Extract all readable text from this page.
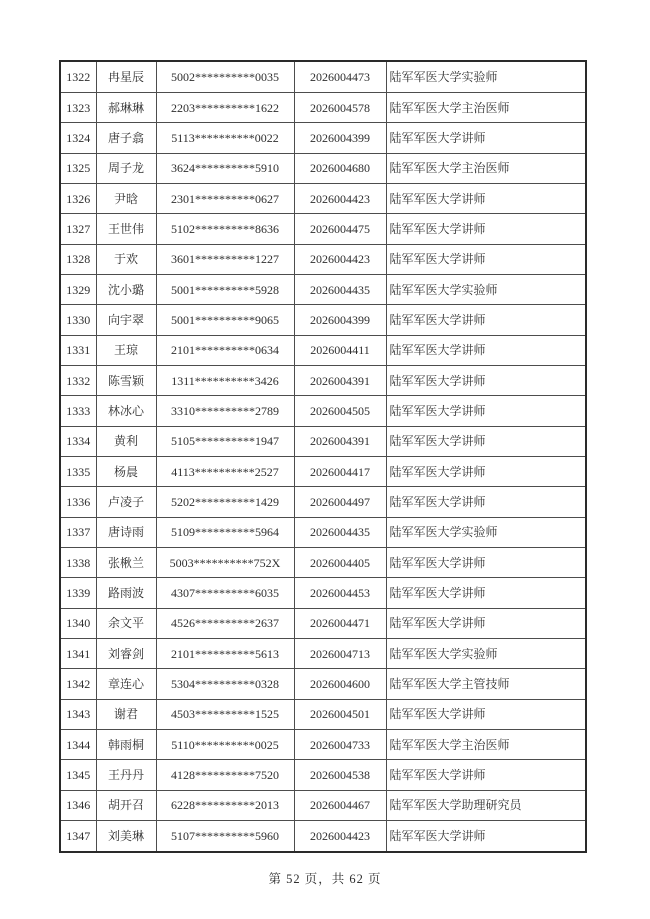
1322	冉星辰	5002**********0035	2026004473	陆军军医大学实验师
1323	郝琳琳	2203**********1622	2026004578	陆军军医大学主治医师
1324	唐子翕	5113**********0022	2026004399	陆军军医大学讲师
1325	周子龙	3624**********5910	2026004680	陆军军医大学主治医师
1326	尹晗	2301**********0627	2026004423	陆军军医大学讲师
1327	王世伟	5102**********8636	2026004475	陆军军医大学讲师
1328	于欢	3601**********1227	2026004423	陆军军医大学讲师
1329	沈小璐	5001**********5928	2026004435	陆军军医大学实验师
1330	向宇翠	5001**********9065	2026004399	陆军军医大学讲师
1331	王琼	2101**********0634	2026004411	陆军军医大学讲师
1332	陈雪颖	1311**********3426	2026004391	陆军军医大学讲师
1333	林冰心	3310**********2789	2026004505	陆军军医大学讲师
1334	黄利	5105**********1947	2026004391	陆军军医大学讲师
1335	杨晨	4113**********2527	2026004417	陆军军医大学讲师
1336	卢凌子	5202**********1429	2026004497	陆军军医大学讲师
1337	唐诗雨	5109**********5964	2026004435	陆军军医大学实验师
1338	张楸兰	5003**********752X	2026004405	陆军军医大学讲师
1339	路雨波	4307**********6035	2026004453	陆军军医大学讲师
1340	余文平	4526**********2637	2026004471	陆军军医大学讲师
1341	刘睿剑	2101**********5613	2026004713	陆军军医大学实验师
1342	章连心	5304**********0328	2026004600	陆军军医大学主管技师
1343	谢君	4503**********1525	2026004501	陆军军医大学讲师
1344	韩雨桐	5110**********0025	2026004733	陆军军医大学主治医师
1345	王丹丹	4128**********7520	2026004538	陆军军医大学讲师
1346	胡开召	6228**********2013	2026004467	陆军军医大学助理研究员
1347	刘美琳	5107**********5960	2026004423	陆军军医大学讲师
第 52 页，共 62 页
